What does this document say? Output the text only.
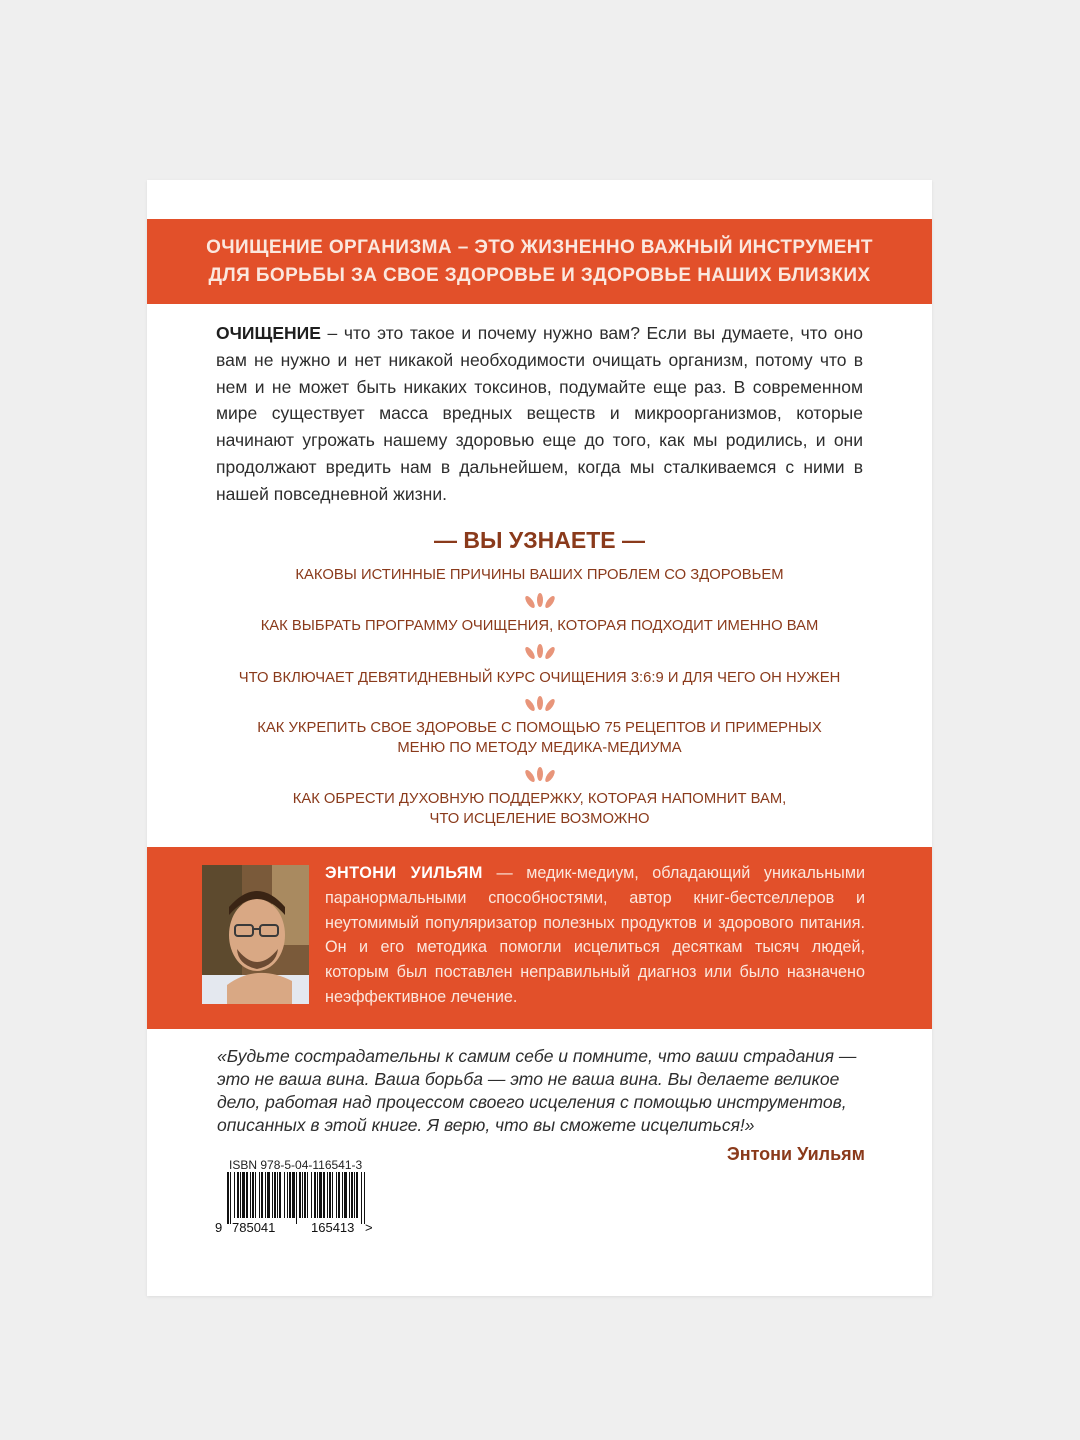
ОЧИЩЕНИЕ ОРГАНИЗМА – ЭТО ЖИЗНЕННО ВАЖНЫЙ ИНСТРУМЕНТ
ДЛЯ БОРЬБЫ ЗА СВОЕ ЗДОРОВЬЕ И ЗДОРОВЬЕ НАШИХ БЛИЗКИХ
ОЧИЩЕНИЕ – что это такое и почему нужно вам? Если вы думаете, что оно вам не нужно и нет никакой необходимости очищать организм, потому что в нем и не может быть никаких токсинов, подумайте еще раз. В современном мире существует масса вредных веществ и микроорганизмов, которые начинают угрожать нашему здоровью еще до того, как мы родились, и они продолжают вредить нам в дальнейшем, когда мы сталкиваемся с ними в нашей повседневной жизни.
— ВЫ УЗНАЕТЕ —
КАКОВЫ ИСТИННЫЕ ПРИЧИНЫ ВАШИХ ПРОБЛЕМ СО ЗДОРОВЬЕМ
КАК ВЫБРАТЬ ПРОГРАММУ ОЧИЩЕНИЯ, КОТОРАЯ ПОДХОДИТ ИМЕННО ВАМ
ЧТО ВКЛЮЧАЕТ ДЕВЯТИДНЕВНЫЙ КУРС ОЧИЩЕНИЯ 3:6:9 И ДЛЯ ЧЕГО ОН НУЖЕН
КАК УКРЕПИТЬ СВОЕ ЗДОРОВЬЕ С ПОМОЩЬЮ 75 РЕЦЕПТОВ И ПРИМЕРНЫХ
МЕНЮ ПО МЕТОДУ МЕДИКА-МЕДИУМА
КАК ОБРЕСТИ ДУХОВНУЮ ПОДДЕРЖКУ, КОТОРАЯ НАПОМНИТ ВАМ,
ЧТО ИСЦЕЛЕНИЕ ВОЗМОЖНО
ЭНТОНИ УИЛЬЯМ — медик-медиум, обладающий уникальными паранормальными способностями, автор книг-бестселлеров и неутомимый популяризатор полезных продуктов и здорового питания. Он и его методика помогли исцелиться десяткам тысяч людей, которым был поставлен неправильный диагноз или было назначено неэффективное лечение.
«Будьте сострадательны к самим себе и помните, что ваши страдания — это не ваша вина. Ваша борьба — это не ваша вина. Вы делаете великое дело, работая над процессом своего исцеления с помощью инструментов, описанных в этой книге. Я верю, что вы сможете исцелиться!»
Энтони Уильям
ISBN 978-5-04-116541-3
9 785041	165413 >
